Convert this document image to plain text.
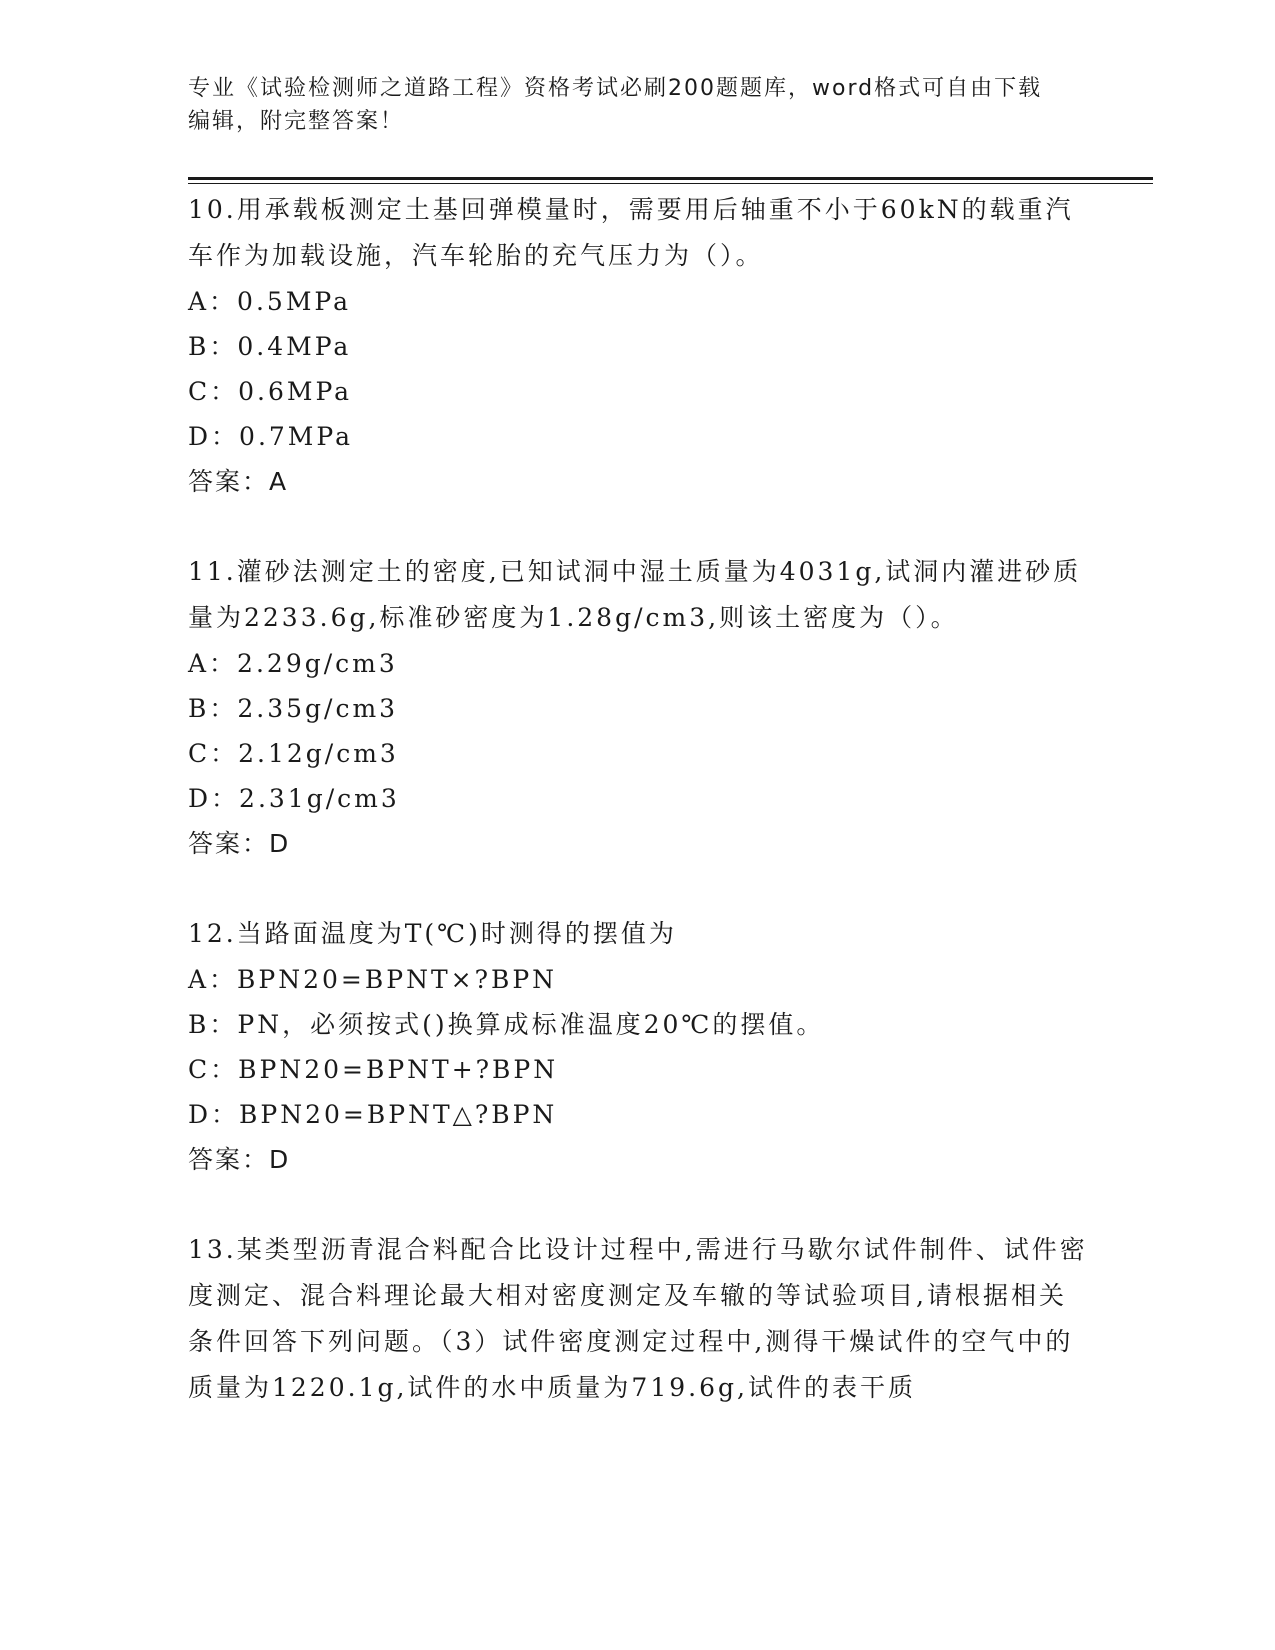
专业《试验检测师之道路工程》资格考试必刷200题题库，word格式可自由下载
编辑，附完整答案！

10.用承载板测定土基回弹模量时，需要用后轴重不小于60kN的载重汽车作为加载设施，汽车轮胎的充气压力为（）。

A：0.5MPa

B：0.4MPa

C：0.6MPa

D：0.7MPa

答案：A

11.灌砂法测定土的密度,已知试洞中湿土质量为4031g,试洞内灌进砂质量为2233.6g,标准砂密度为1.28g/cm3,则该土密度为（）。

A：2.29g/cm3

B：2.35g/cm3

C：2.12g/cm3

D：2.31g/cm3

答案：D

12.当路面温度为T(℃)时测得的摆值为

A：BPN20=BPNT×?BPN

B：PN，必须按式()换算成标准温度20℃的摆值。

C：BPN20=BPNT+?BPN

D：BPN20=BPNT△?BPN

答案：D

13.某类型沥青混合料配合比设计过程中,需进行马歇尔试件制件、试件密度测定、混合料理论最大相对密度测定及车辙的等试验项目,请根据相关条件回答下列问题。（3）试件密度测定过程中,测得干燥试件的空气中的质量为1220.1g,试件的水中质量为719.6g,试件的表干质
